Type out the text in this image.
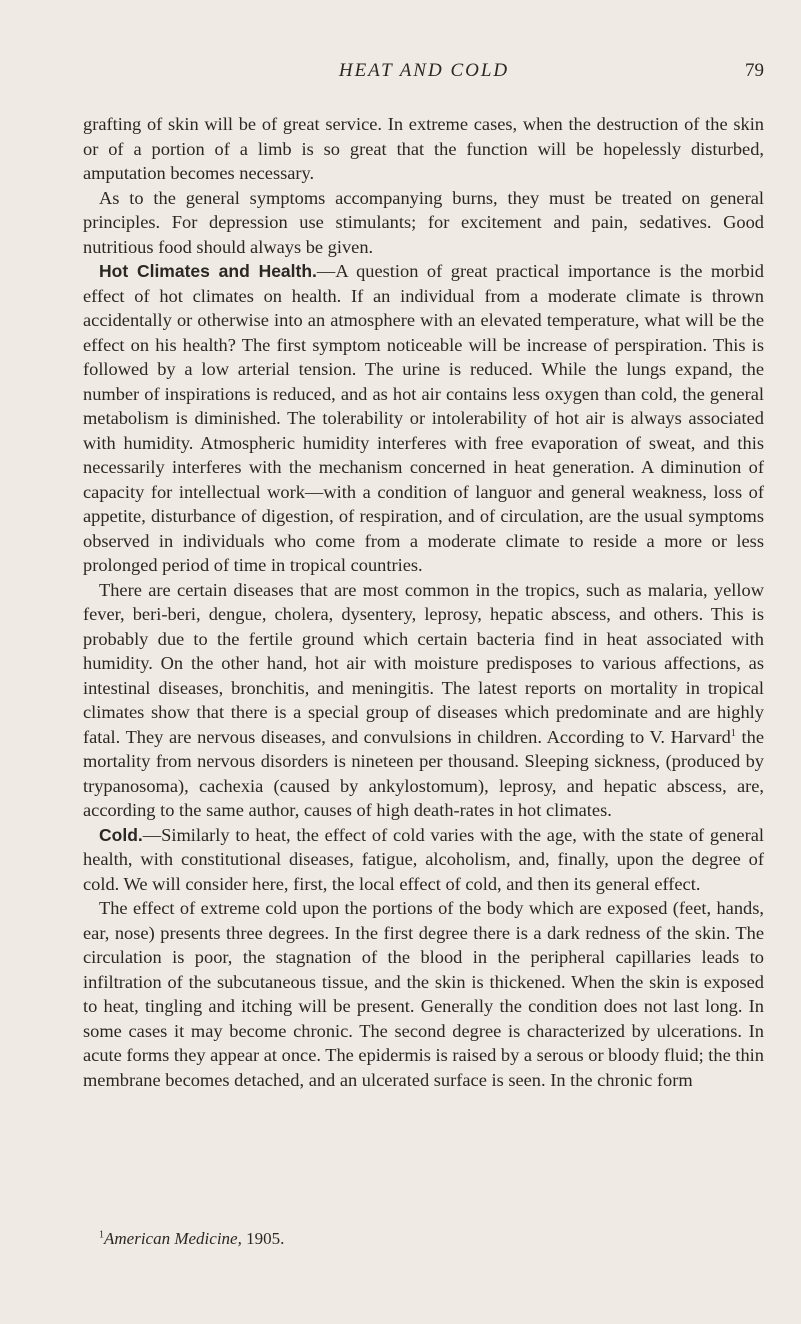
HEAT AND COLD	79

grafting of skin will be of great service. In extreme cases, when the destruction of the skin or of a portion of a limb is so great that the function will be hopelessly disturbed, amputation becomes necessary.

As to the general symptoms accompanying burns, they must be treated on general principles. For depression use stimulants; for excitement and pain, sedatives. Good nutritious food should always be given.

Hot Climates and Health.—A question of great practical importance is the morbid effect of hot climates on health. If an individual from a moderate climate is thrown accidentally or otherwise into an atmosphere with an elevated temperature, what will be the effect on his health? The first symptom noticeable will be increase of perspiration. This is followed by a low arterial tension. The urine is reduced. While the lungs expand, the number of inspirations is reduced, and as hot air contains less oxygen than cold, the general metabolism is diminished. The tolerability or intolerability of hot air is always associated with humidity. Atmospheric humidity interferes with free evaporation of sweat, and this necessarily interferes with the mechanism concerned in heat generation. A diminution of capacity for intellectual work—with a condition of languor and general weakness, loss of appetite, disturbance of digestion, of respiration, and of circulation, are the usual symptoms observed in individuals who come from a moderate climate to reside a more or less prolonged period of time in tropical countries.

There are certain diseases that are most common in the tropics, such as malaria, yellow fever, beri-beri, dengue, cholera, dysentery, leprosy, hepatic abscess, and others. This is probably due to the fertile ground which certain bacteria find in heat associated with humidity. On the other hand, hot air with moisture predisposes to various affections, as intestinal diseases, bronchitis, and meningitis. The latest reports on mortality in tropical climates show that there is a special group of diseases which predominate and are highly fatal. They are nervous diseases, and convulsions in children. According to V. Harvard$^1$ the mortality from nervous disorders is nineteen per thousand. Sleeping sickness, (produced by trypanosoma), cachexia (caused by ankylostomum), leprosy, and hepatic abscess, are, according to the same author, causes of high death-rates in hot climates.

Cold.—Similarly to heat, the effect of cold varies with the age, with the state of general health, with constitutional diseases, fatigue, alcoholism, and, finally, upon the degree of cold. We will consider here, first, the local effect of cold, and then its general effect.

The effect of extreme cold upon the portions of the body which are exposed (feet, hands, ear, nose) presents three degrees. In the first degree there is a dark redness of the skin. The circulation is poor, the stagnation of the blood in the peripheral capillaries leads to infiltration of the subcutaneous tissue, and the skin is thickened. When the skin is exposed to heat, tingling and itching will be present. Generally the condition does not last long. In some cases it may become chronic. The second degree is characterized by ulcerations. In acute forms they appear at once. The epidermis is raised by a serous or bloody fluid; the thin membrane becomes detached, and an ulcerated surface is seen. In the chronic form

$^1$American Medicine, 1905.
